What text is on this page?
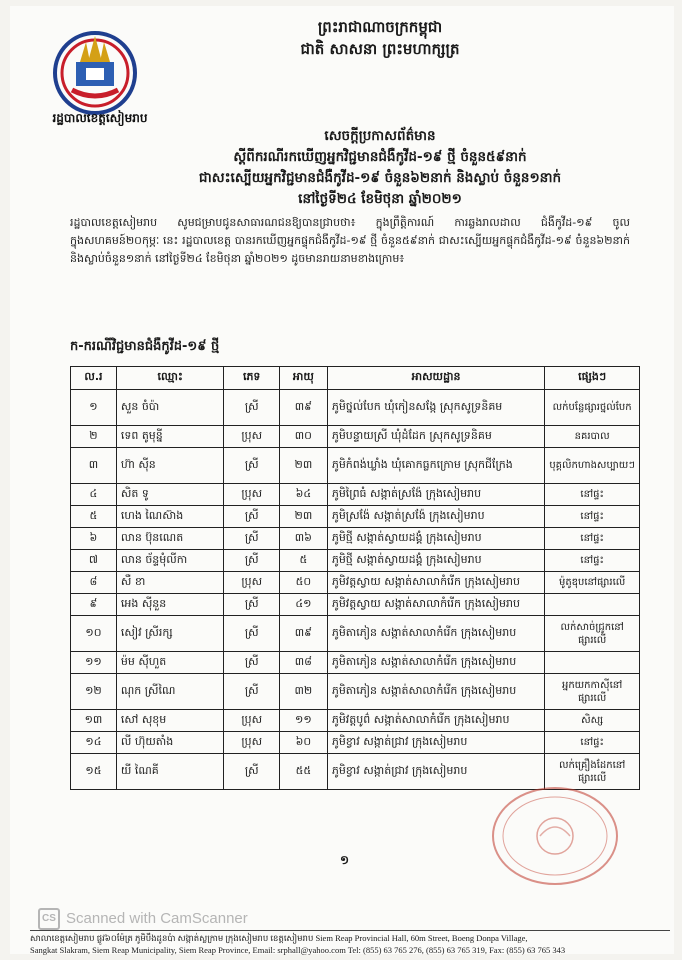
រដ្ឋបាលខេត្តសៀមរាប
ព្រះរាជាណាចក្រកម្ពុជា
ជាតិ សាសនា ព្រះមហាក្សត្រ
សេចក្តីប្រកាសព័ត៌មាន
ស្តីពីករណីរកឃើញអ្នកវិជ្ជមានជំងឺកូវីដ-១៩ ថ្មី ចំនួន៥៩នាក់
ជាសះស្បើយអ្នកវិជ្ជមានជំងឺកូវីដ-១៩ ចំនួន៦២នាក់ និងស្លាប់ ចំនួន១នាក់
នៅថ្ងៃទី២៤ ខែមិថុនា ឆ្នាំ២០២១
រដ្ឋបាលខេត្តសៀមរាប សូមជម្រាបជូនសាធារណជនឱ្យបានជ្រាបថា៖ ក្នុងព្រឹត្តិការណ៍ ការឆ្លងរាលដាល ជំងឺកូវីដ-១៩ ចូលក្នុងសហគមន៍២០កុម្ភៈ នេះ រដ្ឋបាលខេត្ត បានរកឃើញអ្នកផ្ទុកជំងឺកូវីដ-១៩ ថ្មី ចំនួន៥៩នាក់ ជាសះស្បើយអ្នកផ្ទុកជំងឺកូវីដ-១៩ ចំនួន៦២នាក់ និងស្លាប់ចំនួន១នាក់ នៅថ្ងៃទី២៤ ខែមិថុនា ឆ្នាំ២០២១ ដូចមានរាយនាមខាងក្រោម៖
ក-ករណីវិជ្ជមានជំងឺកូវីដ-១៩ ថ្មី
ល.រ	ឈ្មោះ	ភេទ	អាយុ	អាសយដ្ឋាន	ផ្សេងៗ
១	សួន ចំប៉ា	ស្រី	៣៩	ភូមិថ្នល់បែក ឃុំកៀនសង្កែ ស្រុកសូទ្រនិគម	លក់បន្លែផ្សារថ្នល់បែក
២	ទេព តូមុន្នី	ប្រុស	៣០	ភូមិបន្ទាយស្រី ឃុំដំដែក ស្រុកសូទ្រនិគម	នគរបាល
៣	ហ៊ា ស៊ីន	ស្រី	២៣	ភូមិកំពង់ឃ្លាំង ឃុំគោកធ្លកក្រោម ស្រុកជីក្រែង	បុគ្គលិកហាងសប្បាយៗ
៤	សិត ទូ	ប្រុស	៦៤	ភូមិព្រៃធំ សង្កាត់ស្រង៉ែ ក្រុងសៀមរាប	នៅផ្ទះ
៥	ហេង ណៃស៊ាង	ស្រី	២៣	ភូមិស្រង៉ែ សង្កាត់ស្រង៉ែ ក្រុងសៀមរាប	នៅផ្ទះ
៦	លាន ប៊ុនណេត	ស្រី	៣៦	ភូមិថ្មី សង្កាត់ស្វាយដង្គំ ក្រុងសៀមរាប	នៅផ្ទះ
៧	លាន ច័ន្ទមុំលីកា	ស្រី	៥	ភូមិថ្មី សង្កាត់ស្វាយដង្គំ ក្រុងសៀមរាប	នៅផ្ទះ
៨	សឺ ខា	ប្រុស	៥០	ភូមិវត្តស្វាយ សង្កាត់សាលាកំរើក ក្រុងសៀមរាប	ម៉ូតូឌុបនៅផ្សារលើ
៩	អេង ស៊ីនួន	ស្រី	៤១	ភូមិវត្តស្វាយ សង្កាត់សាលាកំរើក ក្រុងសៀមរាប	
១០	សៀវ ស្រីរក្ស	ស្រី	៣៩	ភូមិតាភៀន សង្កាត់សាលាកំរើក ក្រុងសៀមរាប	លក់សាច់ជ្រូកនៅផ្សារលើ
១១	ម៉ម ស៊ីហួត	ស្រី	៣៨	ភូមិតាភៀន សង្កាត់សាលាកំរើក ក្រុងសៀមរាប	
១២	ណុក ស្រីណៃ	ស្រី	៣២	ភូមិតាភៀន សង្កាត់សាលាកំរើក ក្រុងសៀមរាប	អ្នកយកកាសុីនៅផ្សារលើ
១៣	សៅ សុខុម	ប្រុស	១១	ភូមិវត្តបូព៌ សង្កាត់សាលាកំរើក ក្រុងសៀមរាប	សិស្ស
១៤	លី ហ៊ុយតាំង	ប្រុស	៦០	ភូមិខ្វាវ សង្កាត់ជ្រាវ ក្រុងសៀមរាប	នៅផ្ទះ
១៥	យី ណៃគី	ស្រី	៥៥	ភូមិខ្វាវ សង្កាត់ជ្រាវ ក្រុងសៀមរាប	លក់គ្រឿងដែកនៅផ្សារលើ
១
CS Scanned with CamScanner
សាលាខេត្តសៀមរាប ផ្លូវ៦០ម៉ែត្រ ភូមិបឹងដូនប៉ា សង្កាត់ស្លក្រាម ក្រុងសៀមរាប ខេត្តសៀមរាប Siem Reap Provincial Hall, 60m Street, Boeng Donpa Village,
Sangkat Slakram, Siem Reap Municipality, Siem Reap Province, Email: srphall@yahoo.com Tel: (855) 63 765 276, (855) 63 765 319, Fax: (855) 63 765 343
